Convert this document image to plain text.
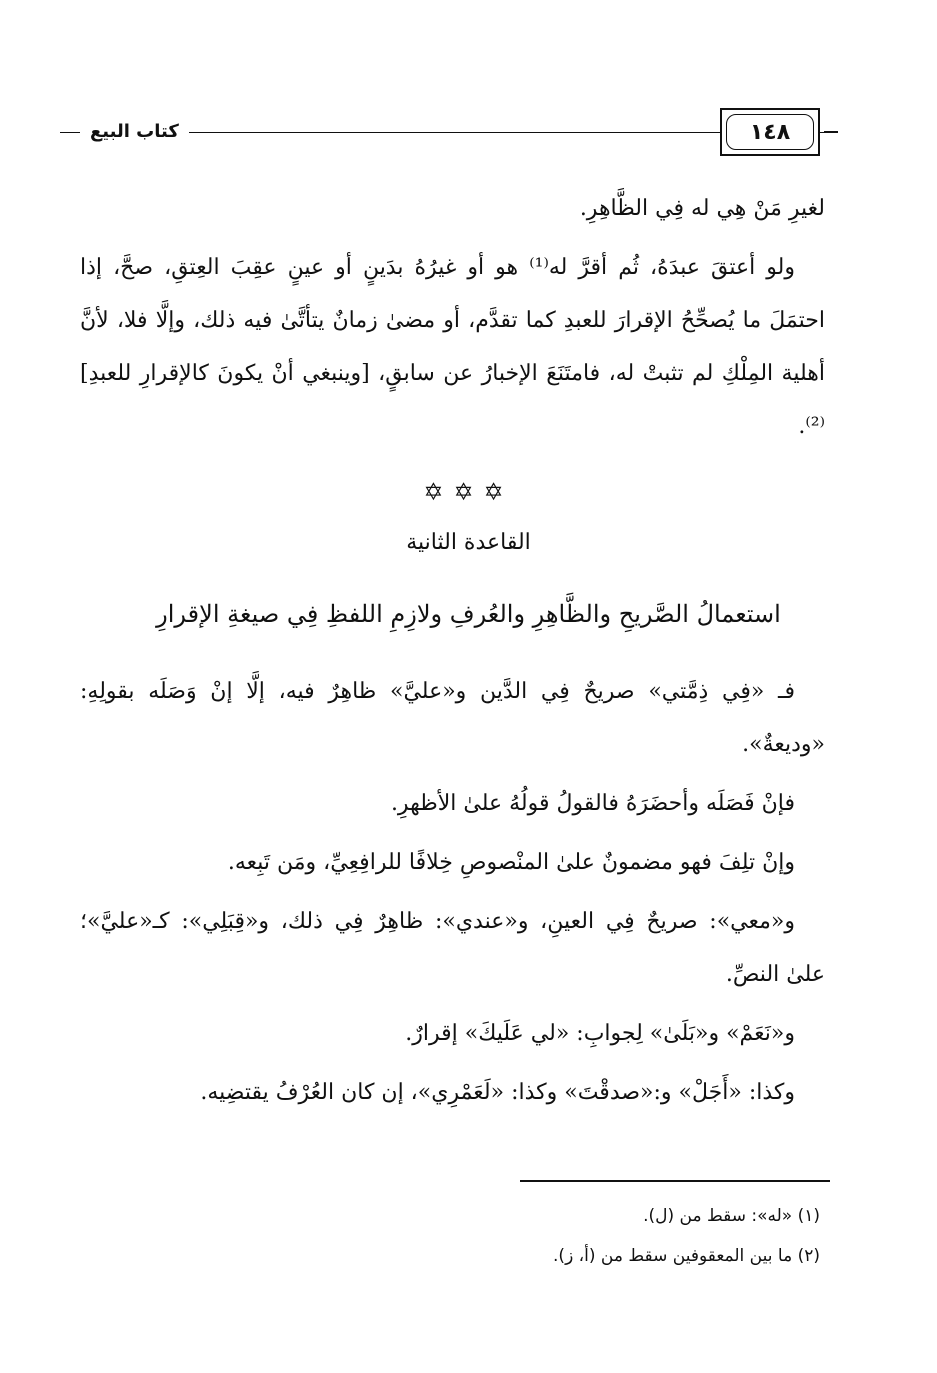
١٤٨
كتاب البيع

لغيرِ مَنْ هِي له فِي الظَّاهِرِ.

ولو أعتقَ عبدَهُ، ثُم أقرَّ له⁽¹⁾ هو أو غيرُهُ بدَينٍ أو عينٍ عقِبَ العِتقِ، صحَّ، إذا احتمَلَ ما يُصحِّحُ الإقرارَ للعبدِ كما تقدَّم، أو مضىٰ زمانٌ يتأتَّىٰ فيه ذلك، وإلَّا فلا، لأنَّ أهلية المِلْكِ لم تثبتْ له، فامتَنَعَ الإخبارُ عن سابقٍ، [وينبغي أنْ يكونَ كالإقرارِ للعبدِ]⁽²⁾.

✡✡✡
القاعدة الثانية
استعمالُ الصَّريحِ والظَّاهِرِ والعُرفِ ولازِمِ اللفظِ فِي صيغةِ الإقرارِ

فـ «فِي ذِمَّتي» صريحٌ فِي الدَّين و«عليَّ» ظاهِرٌ فيه، إلَّا إنْ وَصَلَه بقولِهِ: «وديعةٌ».

فإنْ فَصَلَه وأحضَرَهُ فالقولُ قولُهُ علىٰ الأظهرِ.

وإنْ تلِفَ فهو مضمونٌ علىٰ المنْصوصِ خِلافًا للرافِعِيِّ، ومَن تَبِعه.

و«معي»: صريحٌ فِي العينِ، و«عندي»: ظاهِرٌ فِي ذلك، و«قِبَلِي»: كـ«عليَّ»؛ علىٰ النصِّ.

و«نَعَمْ» و«بَلَىٰ» لِجوابِ: «لي عَلَيكَ» إقرارٌ.

وكذا: «أَجَلْ» و:«صدقْتَ» وكذا: «لَعَمْرِي»، إن كان العُرْفُ يقتضِيه.

(١) «له»: سقط من (ل).
(٢) ما بين المعقوفين سقط من (أ، ز).
